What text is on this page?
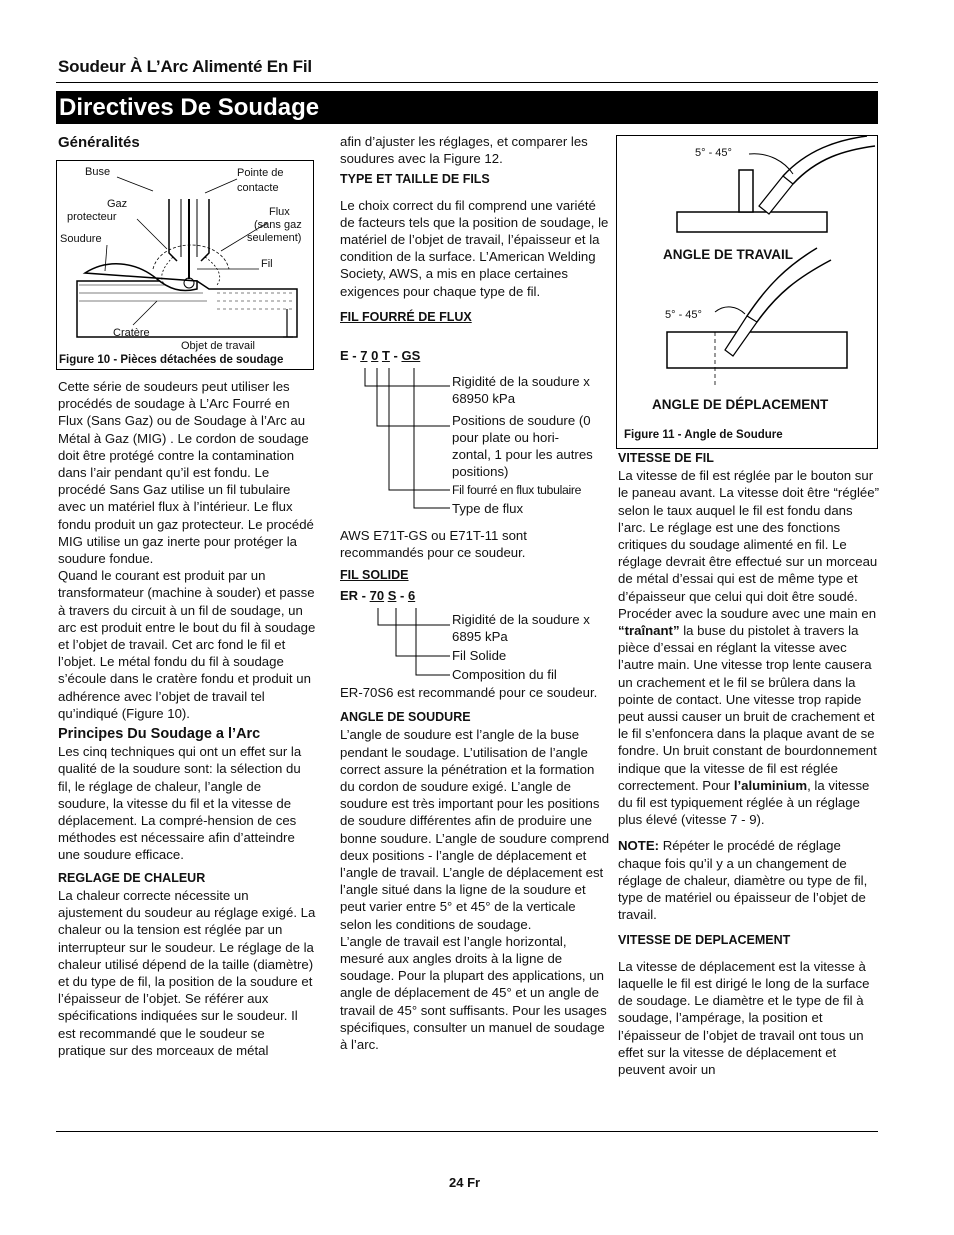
Soudeur À L’Arc Alimenté En Fil
Directives De Soudage
Généralités
Buse	Pointe de
contacte
Gaz
protecteur	Flux
(sans gaz
seulement)
Soudure
Fil
Cratère
Objet de travail
Figure 10 - Pièces détachées de soudage

Cette série de soudeurs peut utiliser les procédés de soudage à L’Arc Fourré en Flux (Sans Gaz) ou de Soudage à l’Arc au Métal à Gaz (MIG) . Le cordon de soudage doit être protégé contre la contamination dans l’air pendant qu’il est fondu. Le procédé Sans Gaz utilise un fil tubulaire avec un matériel flux à l’intérieur. Le flux fondu produit un gaz protecteur. Le procédé MIG utilise un gaz inerte pour protéger la soudure fondue.

Quand le courant est produit par un transformateur (machine à souder) et passe à travers du circuit à un fil de soudage, un arc est produit entre le bout du fil à soudage et l’objet de travail. Cet arc fond le fil et l’objet. Le métal fondu du fil à soudage s’écoule dans le cratère fondu et produit un adhérence avec l’objet de travail tel qu’indiqué (Figure 10).

Principes Du Soudage a l’Arc

Les cinq techniques qui ont un effet sur la qualité de la soudure sont: la sélection du fil, le réglage de chaleur, l’angle de soudure, la vitesse du fil et la vitesse de déplacement. La compré-hension de ces méthodes est nécessaire afin d’atteindre une soudure efficace.

REGLAGE DE CHALEUR

La chaleur correcte nécessite un ajustement du soudeur au réglage exigé. La chaleur ou la tension est réglée par un interrupteur sur le soudeur. Le réglage de la chaleur utilisé dépend de la taille (diamètre) et du type de fil, la position de la soudure et l’épaisseur de l’objet. Se référer aux spécifications indiquées sur le soudeur. Il est recommandé que le soudeur se pratique sur des morceaux de métal

afin d’ajuster les réglages, et comparer les soudures avec la Figure 12.

TYPE ET TAILLE DE FILS

Le choix correct du fil comprend une variété de facteurs tels que la position de soudage, le matériel de l’objet de travail, l’épaisseur et la condition de la surface. L’American Welding Society, AWS, a mis en place certaines exigences pour chaque type de fil.

FIL FOURRÉ DE FLUX
E - 7 0 T - GS
Rigidité de la soudure x
68950 kPa
Positions de soudure (0
pour plate ou hori-
zontal, 1 pour les autres
positions)
Fil fourré en flux tubulaire
Type de flux

AWS E71T-GS ou E71T-11 sont recommandés pour ce soudeur.

FIL SOLIDE
ER - 70 S - 6
Rigidité de la soudure x
6895 kPa
Fil Solide
Composition du fil

ER-70S6 est recommandé pour ce soudeur.

ANGLE DE SOUDURE

L’angle de soudure est l’angle de la buse pendant le soudage. L’utilisation de l’angle correct assure la pénétration et la formation du cordon de soudure exigé. L’angle de soudure est très important pour les positions de soudure différentes afin de produire une bonne soudure. L’angle de soudure comprend deux positions - l’angle de déplacement et l’angle de travail. L’angle de déplacement est l’angle situé dans la ligne de la soudure et peut varier entre 5° et 45° de la verticale selon les conditions de soudage.

L’angle de travail est l’angle horizontal, mesuré aux angles droits à la ligne de soudage. Pour la plupart des applications, un angle de déplacement de 45° et un angle de travail de 45° sont suffisants. Pour les usages spécifiques, consulter un manuel de soudage à l’arc.

5° - 45°
ANGLE DE TRAVAIL
5° - 45°
ANGLE DE DÉPLACEMENT
Figure 11 - Angle de Soudure
VITESSE DE FIL

La vitesse de fil est réglée par le bouton sur le paneau avant. La vitesse doit être “réglée” selon le taux auquel le fil est fondu dans l’arc. Le réglage est une des fonctions critiques du soudage alimenté en fil. Le réglage devrait être effectué sur un morceau de métal d’essai qui est de même type et d’épaisseur que celui qui doit être soudé. Procéder avec la soudure avec une main en “traînant” la buse du pistolet à travers la pièce d’essai en réglant la vitesse avec l’autre main. Une vitesse trop lente causera un crachement et le fil se brûlera dans la pointe de contact. Une vitesse trop rapide peut aussi causer un bruit de crachement et le fil s’enfoncera dans la plaque avant de se fondre. Un bruit constant de bourdonnement indique que la vitesse de fil est réglée correctement. Pour l’aluminium, la vitesse du fil est typiquement réglée à un réglage plus élevé (vitesse 7 - 9).

NOTE: Répéter le procédé de réglage chaque fois qu’il y a un changement de réglage de chaleur, diamètre ou type de fil, type de matériel ou épaisseur de l’objet de travail.

VITESSE DE DEPLACEMENT

La vitesse de déplacement est la vitesse à laquelle le fil est dirigé le long de la surface de soudage. Le diamètre et le type de fil à soudage, l’ampérage, la position et l’épaisseur de l’objet de travail ont tous un effet sur la vitesse de déplacement et peuvent avoir un

24 Fr
